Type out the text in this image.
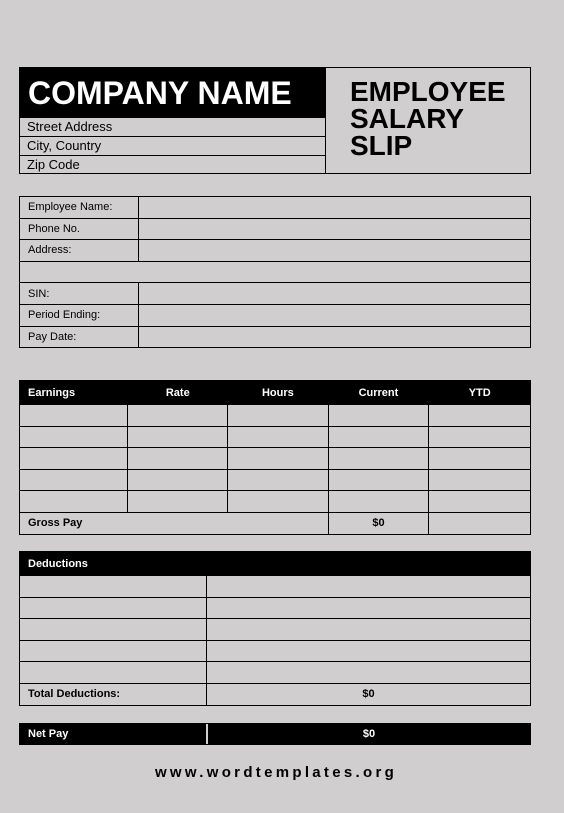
COMPANY NAME
Street Address
City, Country
Zip Code
EMPLOYEE
SALARY
SLIP
Employee Name:	
Phone No.	
Address:	

SIN:	
Period Ending:	
Pay Date:	
Earnings	Rate	Hours	Current	YTD

Gross Pay			$0	
Deductions	

Total Deductions:	$0
Net Pay	$0
www.wordtemplates.org
